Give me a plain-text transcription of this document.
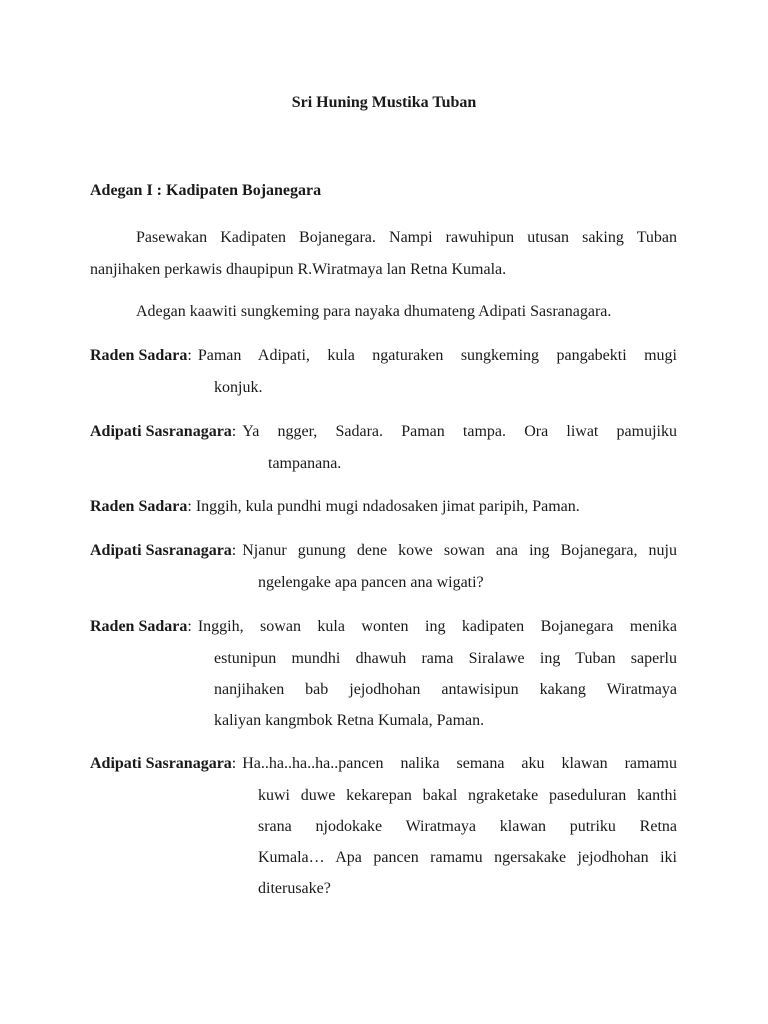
Sri Huning Mustika Tuban
Adegan I : Kadipaten Bojanegara
Pasewakan Kadipaten Bojanegara. Nampi rawuhipun utusan saking Tuban
nanjihaken perkawis dhaupipun R.Wiratmaya lan Retna Kumala.
Adegan kaawiti sungkeming para nayaka dhumateng Adipati Sasranagara.
Raden Sadara: Paman Adipati, kula ngaturaken sungkeming pangabekti mugi
konjuk.
Adipati Sasranagara: Ya ngger, Sadara. Paman tampa. Ora liwat pamujiku
tampanana.
Raden Sadara: Inggih, kula pundhi mugi ndadosaken jimat paripih, Paman.
Adipati Sasranagara: Njanur gunung dene kowe sowan ana ing Bojanegara, nuju
ngelengake apa pancen ana wigati?
Raden Sadara: Inggih, sowan kula wonten ing kadipaten Bojanegara menika
estunipun mundhi dhawuh rama Siralawe ing Tuban saperlu
nanjihaken bab jejodhohan antawisipun kakang Wiratmaya
kaliyan kangmbok Retna Kumala, Paman.
Adipati Sasranagara: Ha..ha..ha..ha..pancen nalika semana aku klawan ramamu
kuwi duwe kekarepan bakal ngraketake paseduluran kanthi
srana njodokake Wiratmaya klawan putriku Retna
Kumala… Apa pancen ramamu ngersakake jejodhohan iki
diterusake?
